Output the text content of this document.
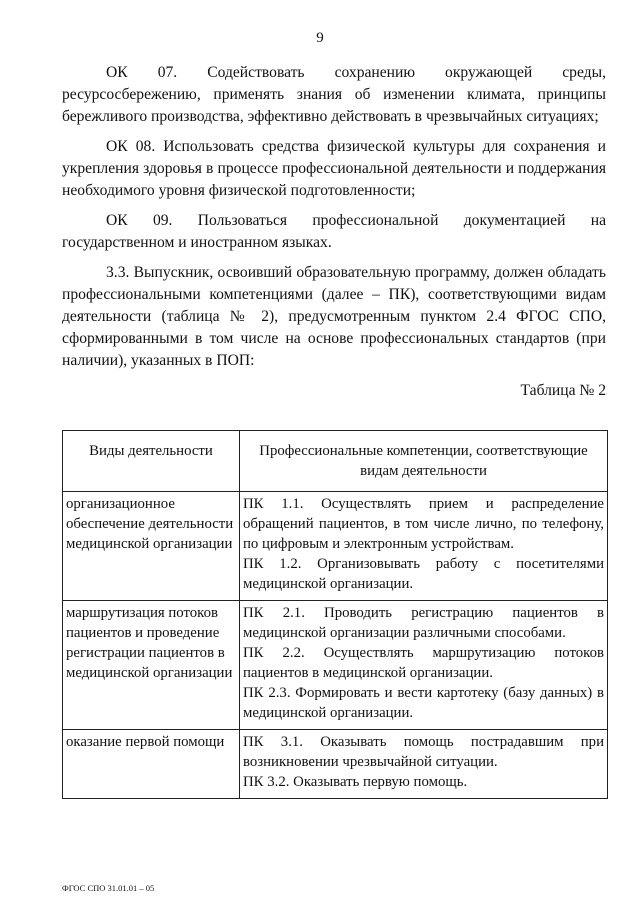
9

ОК 07. Содействовать сохранению окружающей среды, ресурсосбережению, применять знания об изменении климата, принципы бережливого производства, эффективно действовать в чрезвычайных ситуациях;

ОК 08. Использовать средства физической культуры для сохранения и укрепления здоровья в процессе профессиональной деятельности и поддержания необходимого уровня физической подготовленности;

ОК 09. Пользоваться профессиональной документацией на государственном и иностранном языках.

3.3. Выпускник, освоивший образовательную программу, должен обладать профессиональными компетенциями (далее – ПК), соответствующими видам деятельности (таблица № 2), предусмотренным пунктом 2.4 ФГОС СПО, сформированными в том числе на основе профессиональных стандартов (при наличии), указанных в ПОП:

Таблица № 2
Виды деятельности	Профессиональные компетенции, соответствующие видам деятельности
организационное обеспечение деятельности медицинской организации	ПК 1.1. Осуществлять прием и распределение обращений пациентов, в том числе лично, по телефону, по цифровым и электронным устройствам.

ПК 1.2. Организовывать работу с посетителями медицинской организации.

маршрутизация потоков пациентов и проведение регистрации пациентов в медицинской организации	ПК 2.1. Проводить регистрацию пациентов в медицинской организации различными способами.

ПК 2.2. Осуществлять маршрутизацию потоков пациентов в медицинской организации.

ПК 2.3. Формировать и вести картотеку (базу данных) в медицинской организации.

оказание первой помощи	ПК 3.1. Оказывать помощь пострадавшим при возникновении чрезвычайной ситуации.

ПК 3.2. Оказывать первую помощь.

ФГОС СПО 31.01.01 – 05
